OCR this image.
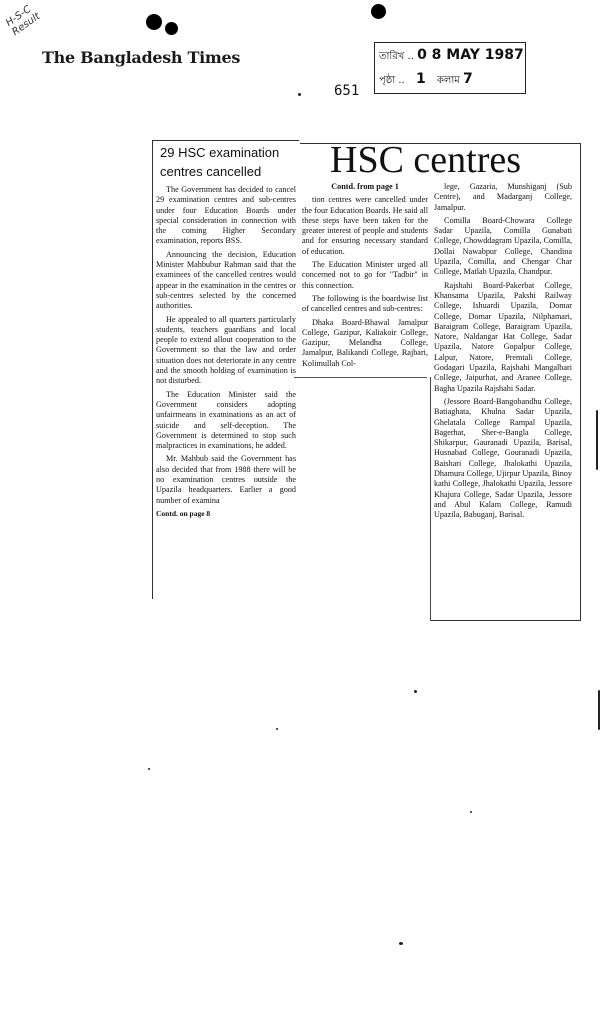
H-S-C Result
The Bangladesh Times	তারিখ .. 0 8 MAY 1987
পৃষ্ঠা .. 1 কলাম 7
651
29 HSC examination centres cancelled

The Government has decided to cancel 29 examination centres and sub-centres under four Education Boards under special consideration in connection with the coming Higher Secondary examination, reports BSS.

Announcing the decision, Education Minister Mahbubur Rahman said that the examinees of the cancelled centres would appear in the examination in the centres or sub-centres selected by the concerned authorities.

He appealed to all quarters particularly students, teachers guardians and local people to extend allout cooperation to the Government so that the law and order situation does not deteriorate in any centre and the smooth holding of examination is not disturbed.

The Education Minister said the Government considers adopting unfairmeans in examinations as an act of suicide and self-deception. The Government is determined to stop such malpractices in examinations, he added.

Mr. Mahbub said the Government has also decided that from 1988 there will be no examination centres outside the Upazila headquarters. Earlier a good number of examina

Contd. on page 8

HSC centres

Contd. from page 1

tion centres were cancelled under the four Education Boards. He said all these steps have been taken for the greater interest of people and students and for ensuring necessary standard of education.

The Education Minister urged all concerned not to go for "Tadbir" in this connection.

The following is the boardwise list of cancelled centres and sub-centres:

Dhaka Board-Bhawal Jamalpur College, Gazipur, Kaliakoir College, Gazipur, Melandha College, Jamalpur, Balikandi College, Rajbari, Kolimullah Col-

lege, Gazaria, Munshiganj (Sub Centre), and Madarganj College, Jamalpur.

Comilla Board-Chowara College Sadar Upazila, Comilla Gunabati College, Chowddagram Upazila, Comilla, Dollai Nawabpur College, Chandina Upazila, Comilla, and Chengar Char College, Matlab Upazila, Chandpur.

Rajshahi Board-Pakerbat College, Khansama Upazila, Pakshi Railway College, Ishuardi Upazila, Domar College, Domar Upazila, Nilphamari, Baraigram College, Baraigram Upazila, Natore, Naldangar Hat College, Sadar Upazila, Natore Gopalpur College, Lalpur, Natore, Premtali College, Godagari Upazila, Rajshahi Mangalbari College, Jaipurhat, and Aranee College, Bagha Upazila Rajshahi Sadar.

(Jessore Board-Bangobandhu College, Batiaghata, Khulna Sadar Upazila, Ghelatala College Rampal Upazila, Bagerhat, Sher-e-Bangla College, Shikarpur, Gauranadi Upazila, Barisal, Husnabad College, Gouranadi Upazila, Baishari College, Jhalokathi Upazila, Dhamura College, Ujirpur Upazila, Binoy kathi College, Jhalokathi Upazila, Jessore Khajura College, Sadar Upazila, Jessore and Abul Kalam College, Ramudi Upazila, Babuganj, Barisal.
